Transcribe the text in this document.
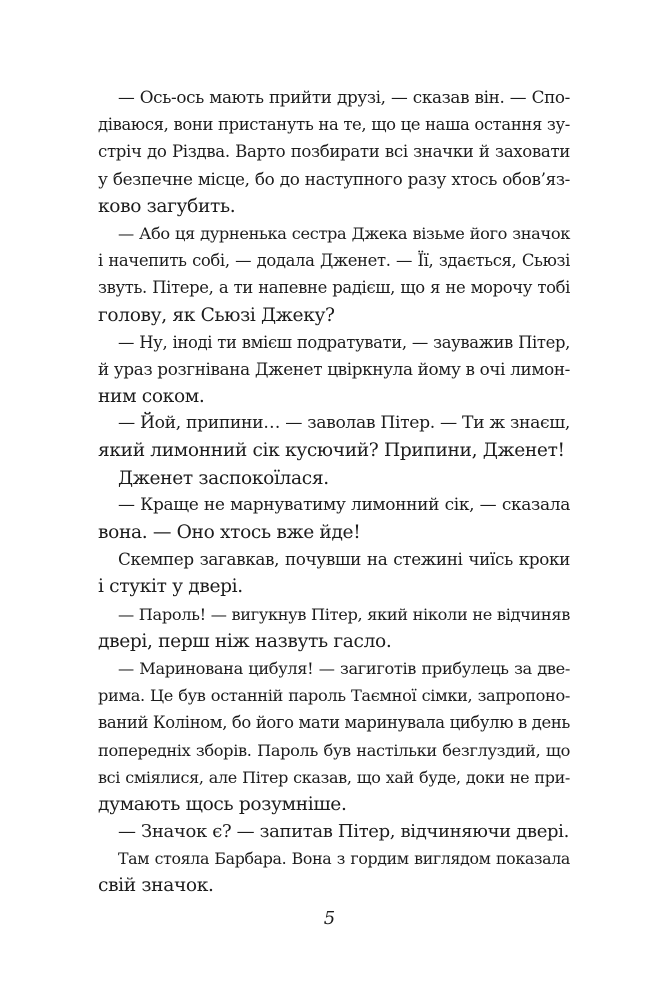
— Ось-ось мають прийти друзі, — сказав він. — Спо-
діваюся, вони пристануть на те, що це наша остання зу-
стріч до Різдва. Варто позбирати всі значки й заховати
у безпечне місце, бо до наступного разу хтось обов’яз-
ково загубить.
— Або ця дурненька сестра Джека візьме його значок
і начепить собі, — додала Дженет. — Її, здається, Сьюзі
звуть. Пітере, а ти напевне радієш, що я не морочу тобі
голову, як Сьюзі Джеку?
— Ну, іноді ти вмієш подратувати, — зауважив Пітер,
й ураз розгнівана Дженет цвіркнула йому в очі лимон-
ним соком.
— Йой, припини… — заволав Пітер. — Ти ж знаєш,
який лимонний сік кусючий? Припини, Дженет!
Дженет заспокоїлася.
— Краще не марнуватиму лимонний сік, — сказала
вона. — Оно хтось вже йде!
Скемпер загавкав, почувши на стежині чиїсь кроки
і стукіт у двері.
— Пароль! — вигукнув Пітер, який ніколи не відчиняв
двері, перш ніж назвуть гасло.
— Маринована цибуля! — загиготів прибулець за две-
рима. Це був останній пароль Таємної сімки, запропоно-
ваний Коліном, бо його мати маринувала цибулю в день
попередніх зборів. Пароль був настільки безглуздий, що
всі сміялися, але Пітер сказав, що хай буде, доки не при-
думають щось розумніше.
— Значок є? — запитав Пітер, відчиняючи двері.
Там стояла Барбара. Вона з гордим виглядом показала
свій значок.
5
